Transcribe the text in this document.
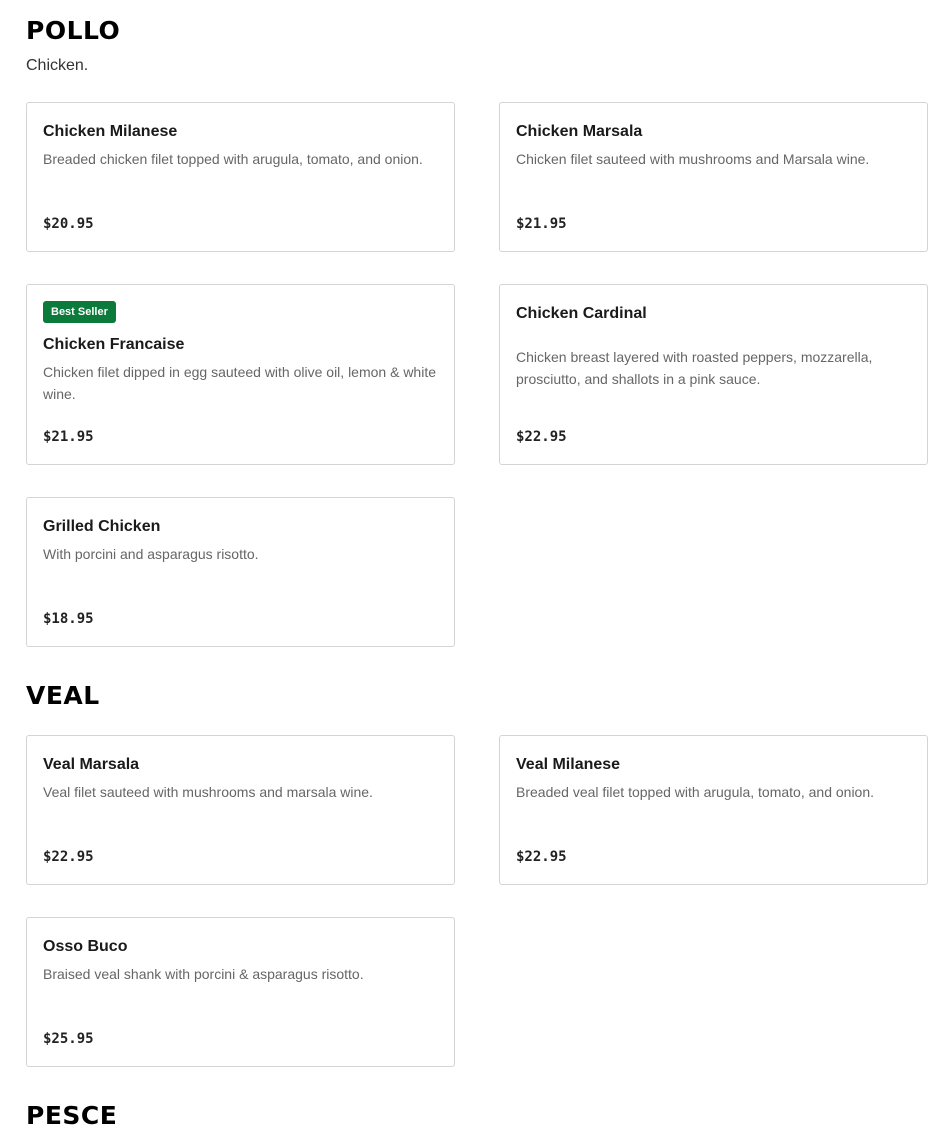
POLLO

Chicken.

Chicken Milanese

Breaded chicken filet topped with arugula, tomato, and onion.

$20.95

Chicken Marsala

Chicken filet sauteed with mushrooms and Marsala wine.

$21.95

Best Seller
Chicken Francaise

Chicken filet dipped in egg sauteed with olive oil, lemon & white wine.

$21.95

Chicken Cardinal

Chicken breast layered with roasted peppers, mozzarella, prosciutto, and shallots in a pink sauce.

$22.95

Grilled Chicken

With porcini and asparagus risotto.

$18.95

VEAL
Veal Marsala

Veal filet sauteed with mushrooms and marsala wine.

$22.95

Veal Milanese

Breaded veal filet topped with arugula, tomato, and onion.

$22.95

Osso Buco

Braised veal shank with porcini & asparagus risotto.

$25.95

PESCE
